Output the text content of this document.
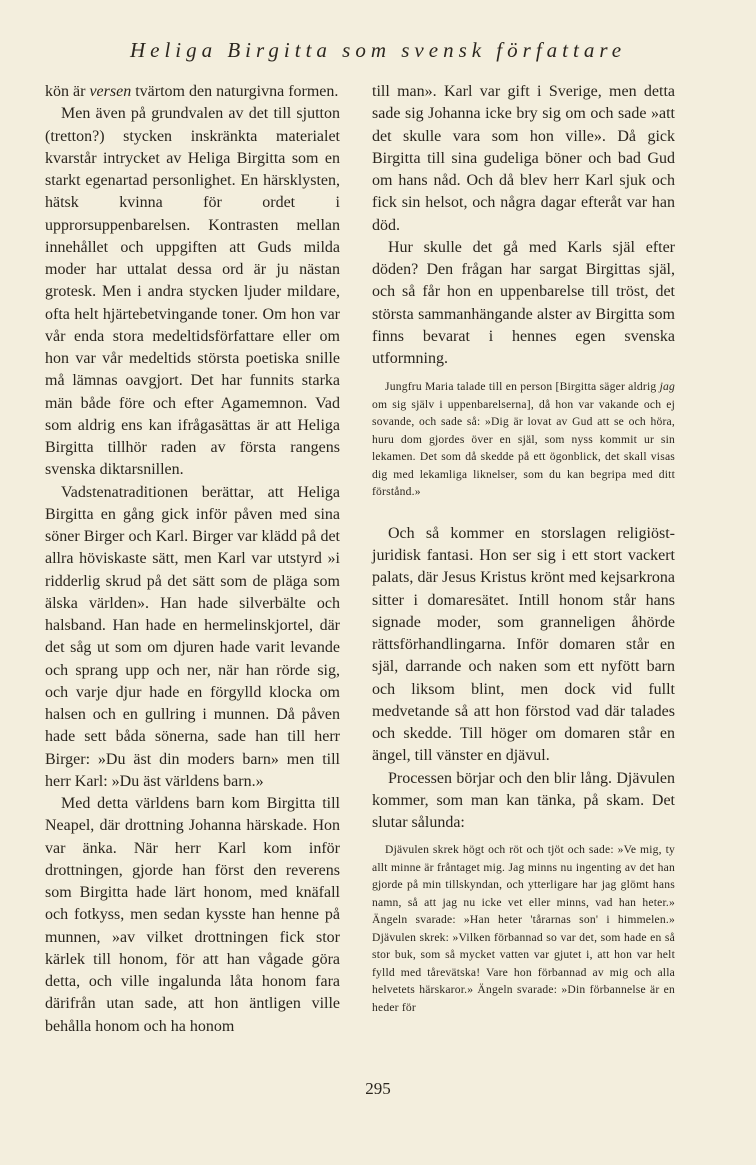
Heliga Birgitta som svensk författare

kön är versen tvärtom den naturgivna formen.

Men även på grundvalen av det till sjutton (tretton?) stycken inskränkta materialet kvarstår intrycket av Heliga Birgitta som en starkt egenartad personlighet. En härsklysten, hätsk kvinna för ordet i upprorsuppenbarelsen. Kontrasten mellan innehållet och uppgiften att Guds milda moder har uttalat dessa ord är ju nästan grotesk. Men i andra stycken ljuder mildare, ofta helt hjärtebetvingande toner. Om hon var vår enda stora medeltidsförfattare eller om hon var vår medeltids största poetiska snille må lämnas oavgjort. Det har funnits starka män både före och efter Agamemnon. Vad som aldrig ens kan ifrågasättas är att Heliga Birgitta tillhör raden av första rangens svenska diktarsnillen.

Vadstenatraditionen berättar, att Heliga Birgitta en gång gick inför påven med sina söner Birger och Karl. Birger var klädd på det allra höviskaste sätt, men Karl var utstyrd »i ridderlig skrud på det sätt som de pläga som älska världen». Han hade silverbälte och halsband. Han hade en hermelinskjortel, där det såg ut som om djuren hade varit levande och sprang upp och ner, när han rörde sig, och varje djur hade en förgylld klocka om halsen och en gullring i munnen. Då påven hade sett båda sönerna, sade han till herr Birger: »Du äst din moders barn» men till herr Karl: »Du äst världens barn.»

Med detta världens barn kom Birgitta till Neapel, där drottning Johanna härskade. Hon var änka. När herr Karl kom inför drottningen, gjorde han först den reverens som Birgitta hade lärt honom, med knäfall och fotkyss, men sedan kysste han henne på munnen, »av vilket drottningen fick stor kärlek till honom, för att han vågade göra detta, och ville ingalunda låta honom fara därifrån utan sade, att hon äntligen ville behålla honom och ha honom

till man». Karl var gift i Sverige, men detta sade sig Johanna icke bry sig om och sade »att det skulle vara som hon ville». Då gick Birgitta till sina gudeliga böner och bad Gud om hans nåd. Och då blev herr Karl sjuk och fick sin helsot, och några dagar efteråt var han död.

Hur skulle det gå med Karls själ efter döden? Den frågan har sargat Birgittas själ, och så får hon en uppenbarelse till tröst, det största sammanhängande alster av Birgitta som finns bevarat i hennes egen svenska utformning.

Jungfru Maria talade till en person [Birgitta säger aldrig jag om sig själv i uppenbarelserna], då hon var vakande och ej sovande, och sade så: »Dig är lovat av Gud att se och höra, huru dom gjordes över en själ, som nyss kommit ur sin lekamen. Det som då skedde på ett ögonblick, det skall visas dig med lekamliga liknelser, som du kan begripa med ditt förstånd.»

Och så kommer en storslagen religiöst-juridisk fantasi. Hon ser sig i ett stort vackert palats, där Jesus Kristus krönt med kejsarkrona sitter i domaresätet. Intill honom står hans signade moder, som granneligen åhörde rättsförhandlingarna. Inför domaren står en själ, darrande och naken som ett nyfött barn och liksom blint, men dock vid fullt medvetande så att hon förstod vad där talades och skedde. Till höger om domaren står en ängel, till vänster en djävul.

Processen börjar och den blir lång. Djävulen kommer, som man kan tänka, på skam. Det slutar sålunda:

Djävulen skrek högt och röt och tjöt och sade: »Ve mig, ty allt minne är fråntaget mig. Jag minns nu ingenting av det han gjorde på min tillskyndan, och ytterligare har jag glömt hans namn, så att jag nu icke vet eller minns, vad han heter.» Ängeln svarade: »Han heter 'tårarnas son' i himmelen.» Djävulen skrek: »Vilken förbannad so var det, som hade en så stor buk, som så mycket vatten var gjutet i, att hon var helt fylld med tårevätska! Vare hon förbannad av mig och alla helvetets härskaror.» Ängeln svarade: »Din förbannelse är en heder för

295
